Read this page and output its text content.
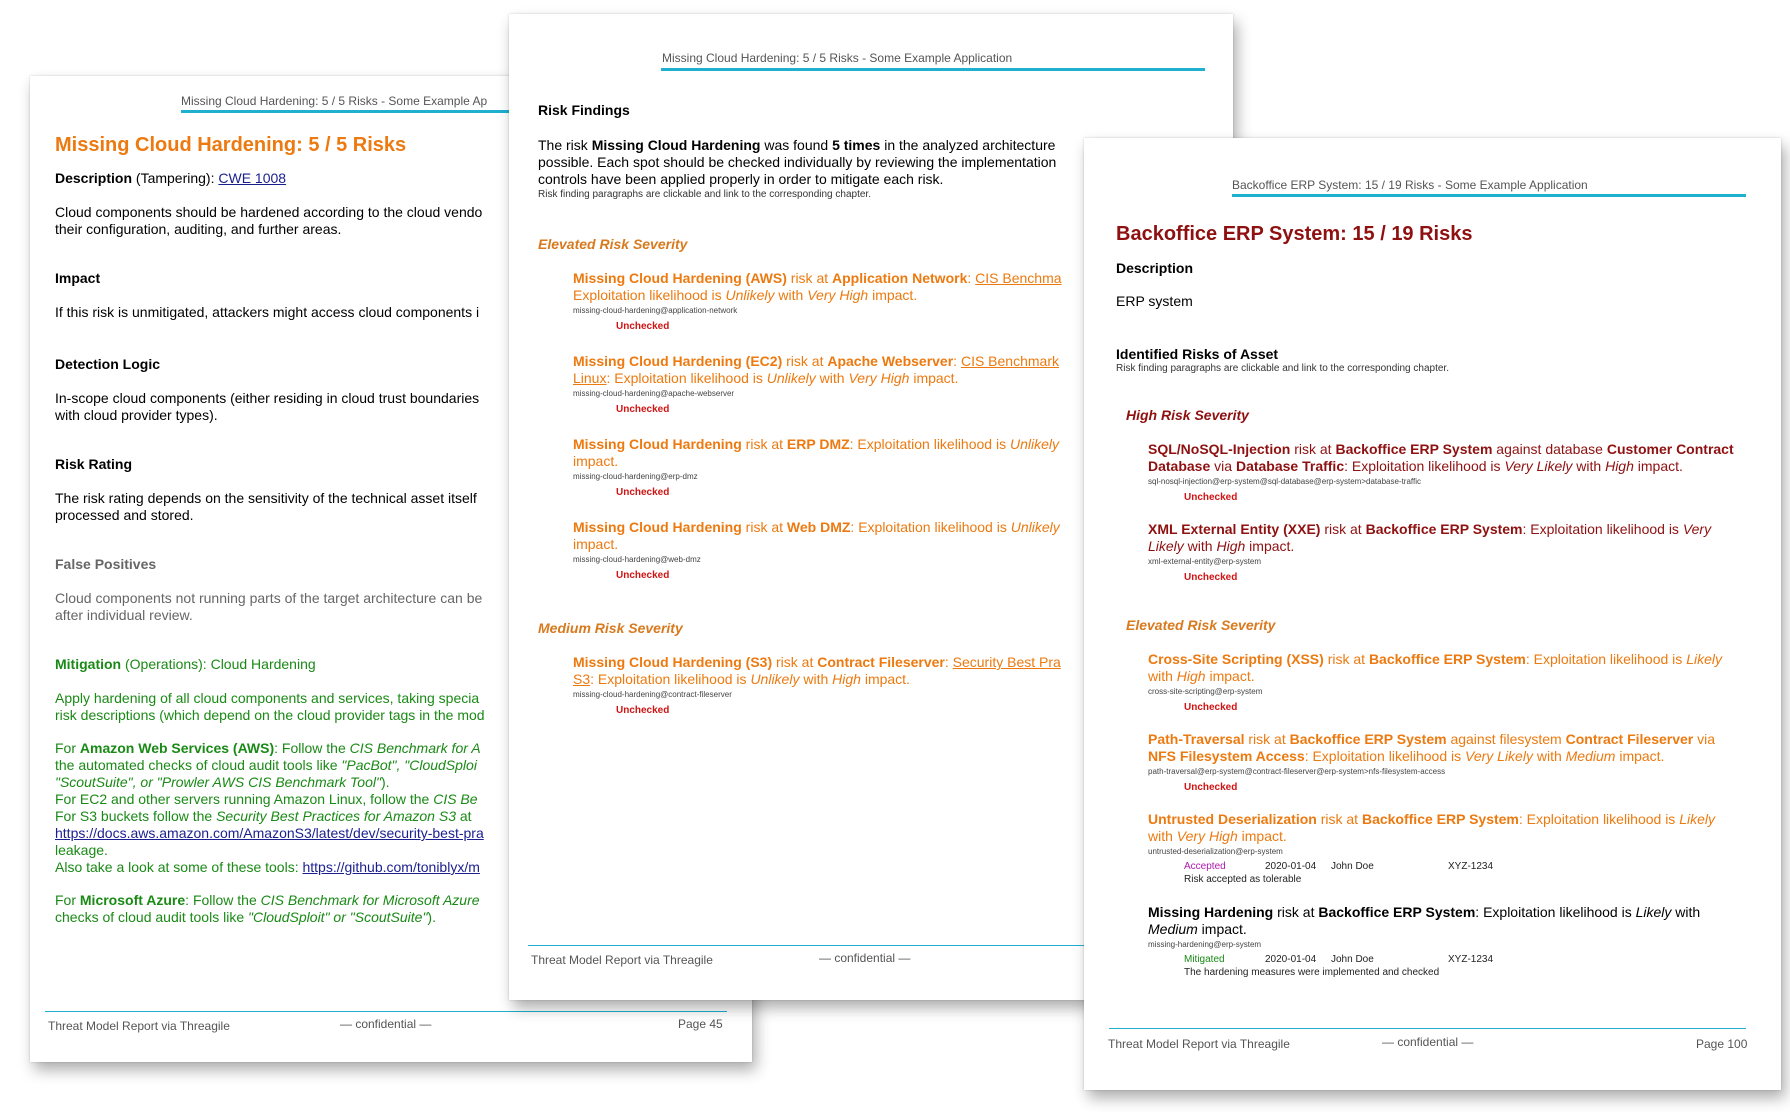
Missing Cloud Hardening: 5 / 5 Risks - Some Example Ap
Missing Cloud Hardening: 5 / 5 Risks
Description (Tampering): CWE 1008
Cloud components should be hardened according to the cloud vendo
their configuration, auditing, and further areas.
Impact
If this risk is unmitigated, attackers might access cloud components i
Detection Logic
In-scope cloud components (either residing in cloud trust boundaries
with cloud provider types).
Risk Rating
The risk rating depends on the sensitivity of the technical asset itself
processed and stored.
False Positives
Cloud components not running parts of the target architecture can be
after individual review.
Mitigation (Operations): Cloud Hardening
Apply hardening of all cloud components and services, taking specia
risk descriptions (which depend on the cloud provider tags in the mod
For Amazon Web Services (AWS): Follow the CIS Benchmark for A
the automated checks of cloud audit tools like "PacBot", "CloudSploi
"ScoutSuite", or "Prowler AWS CIS Benchmark Tool").
For EC2 and other servers running Amazon Linux, follow the CIS Be
For S3 buckets follow the Security Best Practices for Amazon S3 at
https://docs.aws.amazon.com/AmazonS3/latest/dev/security-best-pra
leakage.
Also take a look at some of these tools: https://github.com/toniblyx/m
For Microsoft Azure: Follow the CIS Benchmark for Microsoft Azure
checks of cloud audit tools like "CloudSploit" or "ScoutSuite").
Threat Model Report via Threagile	— confidential —	Page 45
Missing Cloud Hardening: 5 / 5 Risks - Some Example Application
Risk Findings
The risk Missing Cloud Hardening was found 5 times in the analyzed architecture
possible. Each spot should be checked individually by reviewing the implementation
controls have been applied properly in order to mitigate each risk.
Risk finding paragraphs are clickable and link to the corresponding chapter.
Elevated Risk Severity
Missing Cloud Hardening (AWS) risk at Application Network: CIS Benchma
Exploitation likelihood is Unlikely with Very High impact.
missing-cloud-hardening@application-network
Unchecked
Missing Cloud Hardening (EC2) risk at Apache Webserver: CIS Benchmark
Linux: Exploitation likelihood is Unlikely with Very High impact.
missing-cloud-hardening@apache-webserver
Unchecked
Missing Cloud Hardening risk at ERP DMZ: Exploitation likelihood is Unlikely
impact.
missing-cloud-hardening@erp-dmz
Unchecked
Missing Cloud Hardening risk at Web DMZ: Exploitation likelihood is Unlikely
impact.
missing-cloud-hardening@web-dmz
Unchecked
Medium Risk Severity
Missing Cloud Hardening (S3) risk at Contract Fileserver: Security Best Pra
S3: Exploitation likelihood is Unlikely with High impact.
missing-cloud-hardening@contract-fileserver
Unchecked
Threat Model Report via Threagile	— confidential —
Backoffice ERP System: 15 / 19 Risks - Some Example Application
Backoffice ERP System: 15 / 19 Risks
Description
ERP system
Identified Risks of Asset
Risk finding paragraphs are clickable and link to the corresponding chapter.
High Risk Severity
SQL/NoSQL-Injection risk at Backoffice ERP System against database Customer Contract
Database via Database Traffic: Exploitation likelihood is Very Likely with High impact.
sql-nosql-injection@erp-system@sql-database@erp-system>database-traffic
Unchecked
XML External Entity (XXE) risk at Backoffice ERP System: Exploitation likelihood is Very
Likely with High impact.
xml-external-entity@erp-system
Unchecked
Elevated Risk Severity
Cross-Site Scripting (XSS) risk at Backoffice ERP System: Exploitation likelihood is Likely
with High impact.
cross-site-scripting@erp-system
Unchecked
Path-Traversal risk at Backoffice ERP System against filesystem Contract Fileserver via
NFS Filesystem Access: Exploitation likelihood is Very Likely with Medium impact.
path-traversal@erp-system@contract-fileserver@erp-system>nfs-filesystem-access
Unchecked
Untrusted Deserialization risk at Backoffice ERP System: Exploitation likelihood is Likely
with Very High impact.
untrusted-deserialization@erp-system
Accepted	2020-01-04 John Doe	XYZ-1234
Risk accepted as tolerable
Missing Hardening risk at Backoffice ERP System: Exploitation likelihood is Likely with
Medium impact.
missing-hardening@erp-system
Mitigated	2020-01-04 John Doe	XYZ-1234
The hardening measures were implemented and checked
Threat Model Report via Threagile	— confidential —	Page 100
